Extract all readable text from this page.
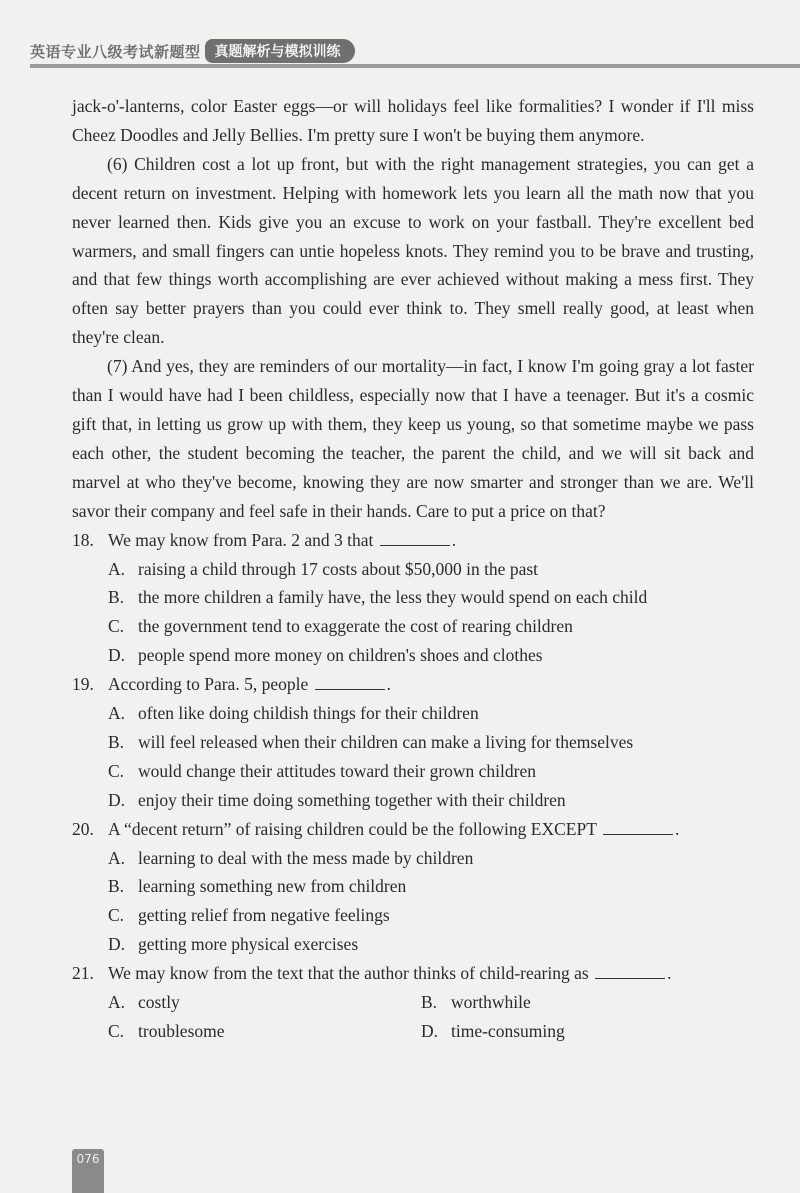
英语专业八级考试新题型	真题解析与模拟训练

jack-o'-lanterns, color Easter eggs—or will holidays feel like formalities? I wonder if I'll miss Cheez Doodles and Jelly Bellies. I'm pretty sure I won't be buying them anymore.

(6) Children cost a lot up front, but with the right management strategies, you can get a decent return on investment. Helping with homework lets you learn all the math now that you never learned then. Kids give you an excuse to work on your fastball. They're excellent bed warmers, and small fingers can untie hopeless knots. They remind you to be brave and trusting, and that few things worth accomplishing are ever achieved without making a mess first. They often say better prayers than you could ever think to. They smell really good, at least when they're clean.

(7) And yes, they are reminders of our mortality—in fact, I know I'm going gray a lot faster than I would have had I been childless, especially now that I have a teenager. But it's a cosmic gift that, in letting us grow up with them, they keep us young, so that sometime maybe we pass each other, the student becoming the teacher, the parent the child, and we will sit back and marvel at who they've become, knowing they are now smarter and stronger than we are. We'll savor their company and feel safe in their hands. Care to put a price on that?

18. We may know from Para. 2 and 3 that	.

A. raising a child through 17 costs about $50,000 in the past

B. the more children a family have, the less they would spend on each child

C. the government tend to exaggerate the cost of rearing children

D. people spend more money on children's shoes and clothes

19. According to Para. 5, people	.

A. often like doing childish things for their children

B. will feel released when their children can make a living for themselves

C. would change their attitudes toward their grown children

D. enjoy their time doing something together with their children

20. A “decent return” of raising children could be the following EXCEPT	.

A. learning to deal with the mess made by children

B. learning something new from children

C. getting relief from negative feelings

D. getting more physical exercises

21. We may know from the text that the author thinks of child-rearing as	.

A. costly	B. worthwhile
C. troublesome	D. time-consuming
076
